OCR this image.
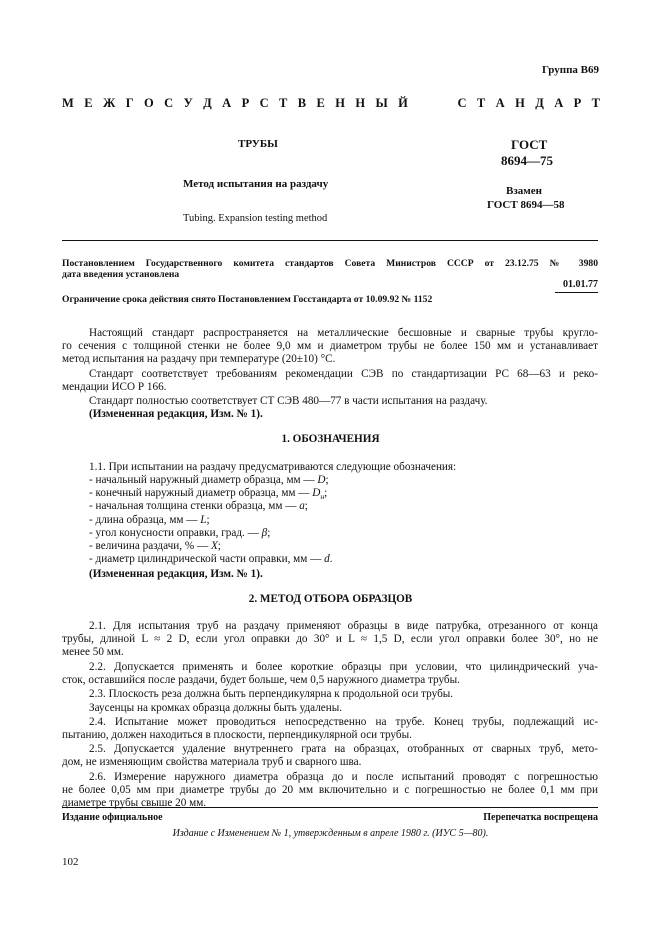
Группа В69
М Е Ж Г О С У Д А Р С Т В Е Н Н Ы Й	С Т А Н Д А Р Т
ТРУБЫ	ГОСТ
8694—75
Метод испытания на раздачу
Взамен
ГОСТ 8694—58
Tubing. Expansion testing method
Постановлением Государственного комитета стандартов Совета Министров СССР от 23.12.75 № 3980
дата введения установлена
01.01.77
Ограничение срока действия снято Постановлением Госстандарта от 10.09.92 № 1152
Настоящий стандарт распространяется на металлические бесшовные и сварные трубы кругло-
го сечения с толщиной стенки не более 9,0 мм и диаметром трубы не более 150 мм и устанавливает
метод испытания на раздачу при температуре (20±10) °С.
Стандарт соответствует требованиям рекомендации СЭВ по стандартизации РС 68—63 и реко-
мендации ИСО Р 166.
Стандарт полностью соответствует СТ СЭВ 480—77 в части испытания на раздачу.
(Измененная редакция, Изм. № 1).
1. ОБОЗНАЧЕНИЯ
1.1. При испытании на раздачу предусматриваются следующие обозначения:
- начальный наружный диаметр образца, мм — D;
- конечный наружный диаметр образца, мм — $D_н$;
- начальная толщина стенки образца, мм — a;
- длина образца, мм — L;
- угол конусности оправки, град. — β;
- величина раздачи, % — X;
- диаметр цилиндрической части оправки, мм — d.
(Измененная редакция, Изм. № 1).
2. МЕТОД ОТБОРА ОБРАЗЦОВ
2.1. Для испытания труб на раздачу применяют образцы в виде патрубка, отрезанного от конца
трубы, длиной L ≈ 2 D, если угол оправки до 30° и L ≈ 1,5 D, если угол оправки более 30°, но не
менее 50 мм.
2.2. Допускается применять и более короткие образцы при условии, что цилиндрический уча-
сток, оставшийся после раздачи, будет больше, чем 0,5 наружного диаметра трубы.
2.3. Плоскость реза должна быть перпендикулярна к продольной оси трубы.
Заусенцы на кромках образца должны быть удалены.
2.4. Испытание может проводиться непосредственно на трубе. Конец трубы, подлежащий ис-
пытанию, должен находиться в плоскости, перпендикулярной оси трубы.
2.5. Допускается удаление внутреннего грата на образцах, отобранных от сварных труб, мето-
дом, не изменяющим свойства материала труб и сварного шва.
2.6. Измерение наружного диаметра образца до и после испытаний проводят с погрешностью
не более 0,05 мм при диаметре трубы до 20 мм включительно и с погрешностью не более 0,1 мм при
диаметре трубы свыше 20 мм.
Издание официальное	Перепечатка воспрещена
Издание с Изменением № 1, утвержденным в апреле 1980 г. (ИУС 5—80).
102
